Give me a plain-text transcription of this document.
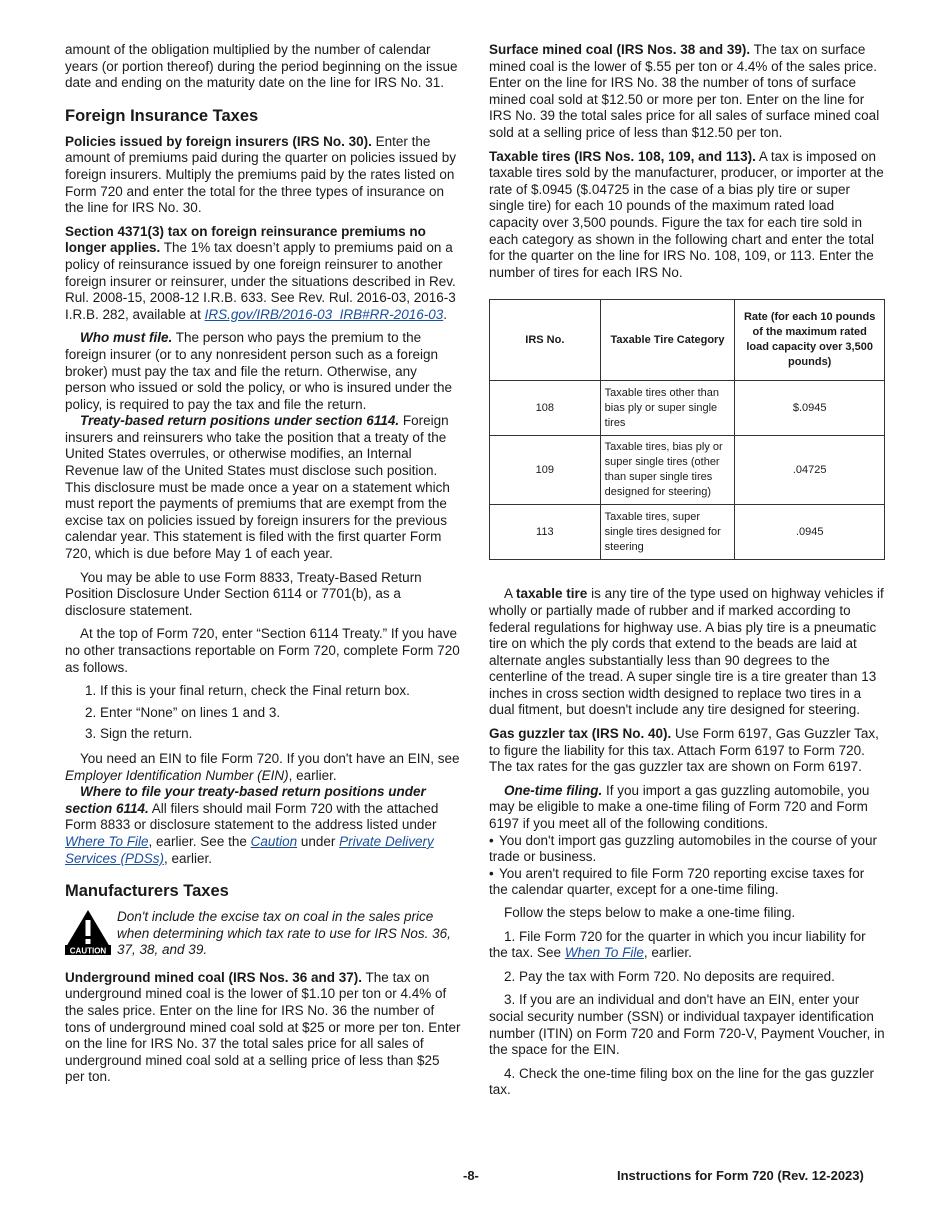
amount of the obligation multiplied by the number of calendar years (or portion thereof) during the period beginning on the issue date and ending on the maturity date on the line for IRS No. 31.

Foreign Insurance Taxes

Policies issued by foreign insurers (IRS No. 30). Enter the amount of premiums paid during the quarter on policies issued by foreign insurers. Multiply the premiums paid by the rates listed on Form 720 and enter the total for the three types of insurance on the line for IRS No. 30.

Section 4371(3) tax on foreign reinsurance premiums no longer applies. The 1% tax doesn’t apply to premiums paid on a policy of reinsurance issued by one foreign reinsurer to another foreign insurer or reinsurer, under the situations described in Rev. Rul. 2008-15, 2008-12 I.R.B. 633. See Rev. Rul. 2016-03, 2016-3 I.R.B. 282, available at IRS.gov/IRB/2016-03_IRB#RR-2016-03.

Who must file. The person who pays the premium to the foreign insurer (or to any nonresident person such as a foreign broker) must pay the tax and file the return. Otherwise, any person who issued or sold the policy, or who is insured under the policy, is required to pay the tax and file the return.

Treaty-based return positions under section 6114. Foreign insurers and reinsurers who take the position that a treaty of the United States overrules, or otherwise modifies, an Internal Revenue law of the United States must disclose such position. This disclosure must be made once a year on a statement which must report the payments of premiums that are exempt from the excise tax on policies issued by foreign insurers for the previous calendar year. This statement is filed with the first quarter Form 720, which is due before May 1 of each year.

You may be able to use Form 8833, Treaty-Based Return Position Disclosure Under Section 6114 or 7701(b), as a disclosure statement.

At the top of Form 720, enter “Section 6114 Treaty.” If you have no other transactions reportable on Form 720, complete Form 720 as follows.

1. If this is your final return, check the Final return box.
2. Enter “None” on lines 1 and 3.
3. Sign the return.

You need an EIN to file Form 720. If you don't have an EIN, see Employer Identification Number (EIN), earlier.

Where to file your treaty-based return positions under section 6114. All filers should mail Form 720 with the attached Form 8833 or disclosure statement to the address listed under Where To File, earlier. See the Caution under Private Delivery Services (PDSs), earlier.

Manufacturers Taxes
CAUTION
Don't include the excise tax on coal in the sales price when determining which tax rate to use for IRS Nos. 36, 37, 38, and 39.

Underground mined coal (IRS Nos. 36 and 37). The tax on underground mined coal is the lower of $1.10 per ton or 4.4% of the sales price. Enter on the line for IRS No. 36 the number of tons of underground mined coal sold at $25 or more per ton. Enter on the line for IRS No. 37 the total sales price for all sales of underground mined coal sold at a selling price of less than $25 per ton.

Surface mined coal (IRS Nos. 38 and 39). The tax on surface mined coal is the lower of $.55 per ton or 4.4% of the sales price. Enter on the line for IRS No. 38 the number of tons of surface mined coal sold at $12.50 or more per ton. Enter on the line for IRS No. 39 the total sales price for all sales of surface mined coal sold at a selling price of less than $12.50 per ton.

Taxable tires (IRS Nos. 108, 109, and 113). A tax is imposed on taxable tires sold by the manufacturer, producer, or importer at the rate of $.0945 ($.04725 in the case of a bias ply tire or super single tire) for each 10 pounds of the maximum rated load capacity over 3,500 pounds. Figure the tax for each tire sold in each category as shown in the following chart and enter the total for the quarter on the line for IRS No. 108, 109, or 113. Enter the number of tires for each IRS No.

IRS No.	Taxable Tire Category	Rate (for each 10 pounds of the maximum rated load capacity over 3,500 pounds)
108	Taxable tires other than bias ply or super single tires	$.0945
109	Taxable tires, bias ply or super single tires (other than super single tires designed for steering)	.04725
113	Taxable tires, super single tires designed for steering	.0945

A taxable tire is any tire of the type used on highway vehicles if wholly or partially made of rubber and if marked according to federal regulations for highway use. A bias ply tire is a pneumatic tire on which the ply cords that extend to the beads are laid at alternate angles substantially less than 90 degrees to the centerline of the tread. A super single tire is a tire greater than 13 inches in cross section width designed to replace two tires in a dual fitment, but doesn't include any tire designed for steering.

Gas guzzler tax (IRS No. 40). Use Form 6197, Gas Guzzler Tax, to figure the liability for this tax. Attach Form 6197 to Form 720. The tax rates for the gas guzzler tax are shown on Form 6197.

One-time filing. If you import a gas guzzling automobile, you may be eligible to make a one-time filing of Form 720 and Form 6197 if you meet all of the following conditions.

• You don't import gas guzzling automobiles in the course of your trade or business.
• You aren't required to file Form 720 reporting excise taxes for the calendar quarter, except for a one-time filing.

Follow the steps below to make a one-time filing.

1. File Form 720 for the quarter in which you incur liability for the tax. See When To File, earlier.

2. Pay the tax with Form 720. No deposits are required.

3. If you are an individual and don't have an EIN, enter your social security number (SSN) or individual taxpayer identification number (ITIN) on Form 720 and Form 720-V, Payment Voucher, in the space for the EIN.

4. Check the one-time filing box on the line for the gas guzzler tax.

-8-	Instructions for Form 720 (Rev. 12-2023)
